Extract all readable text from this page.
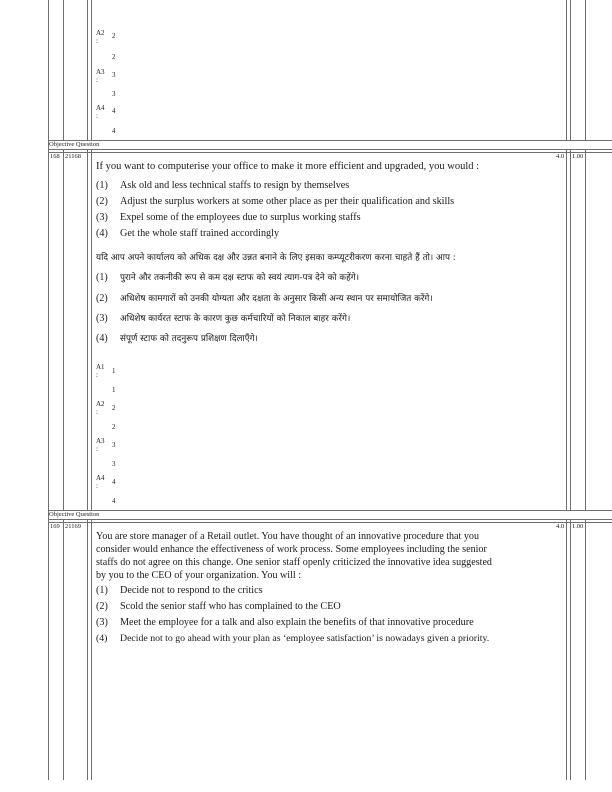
A2
:
2
2
A3
:
3
3
A4
:
4
4
Objective Question
168 21168	4.0 1.00
If you want to computerise your office to make it more efficient and upgraded, you would :
(1) Ask old and less technical staffs to resign by themselves
(2) Adjust the surplus workers at some other place as per their qualification and skills
(3) Expel some of the employees due to surplus working staffs
(4) Get the whole staff trained accordingly
यदि आप अपने कार्यालय को अधिक दक्ष और उन्नत बनाने के लिए इसका कम्प्यूटरीकरण करना चाहते हैं तो। आप :
(1) पुराने और तकनीकी रूप से कम दक्ष स्टाफ को स्वयं त्याग-पत्र देने को कहेंगे।
(2) अधिशेष कामगारों को उनकी योग्यता और दक्षता के अनुसार किसी अन्य स्थान पर समायोजित करेंगे।
(3) अधिशेष कार्यरत स्टाफ के कारण कुछ कर्मचारियों को निकाल बाहर करेंगे।
(4) संपूर्ण स्टाफ को तदनुरूप प्रशिक्षण दिलाएँगे।
A1
: 1
1
A2
: 2
2
A3
: 3
3
A4
: 4
4
Objective Question
169 21169	4.0 1.00
You are store manager of a Retail outlet. You have thought of an innovative procedure that you
consider would enhance the effectiveness of work process. Some employees including the senior
staffs do not agree on this change. One senior staff openly criticized the innovative idea suggested
by you to the CEO of your organization. You will :
(1) Decide not to respond to the critics
(2) Scold the senior staff who has complained to the CEO
(3) Meet the employee for a talk and also explain the benefits of that innovative procedure
(4) Decide not to go ahead with your plan as ‘employee satisfaction’ is nowadays given a priority.
